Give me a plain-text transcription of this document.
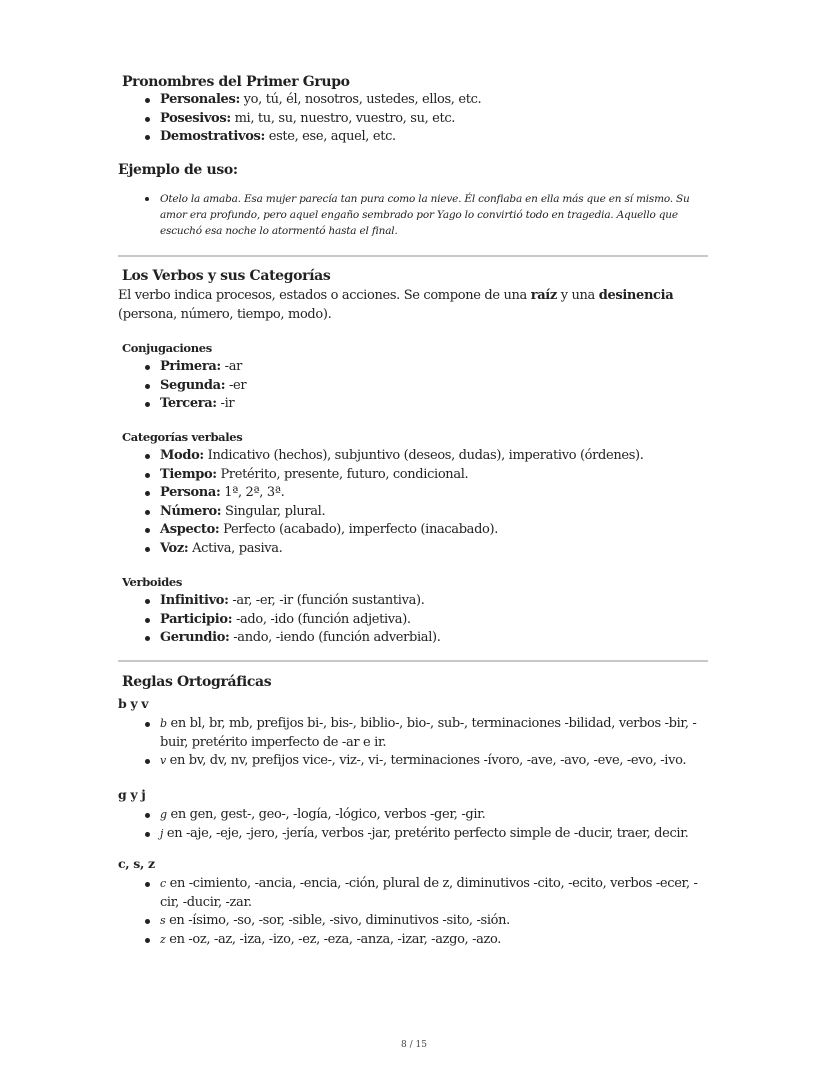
Pronombres del Primer Grupo
Personales: yo, tú, él, nosotros, ustedes, ellos, etc.
Posesivos: mi, tu, su, nuestro, vuestro, su, etc.
Demostrativos: este, ese, aquel, etc.
Ejemplo de uso:
Otelo la amaba. Esa mujer parecía tan pura como la nieve. Él confiaba en ella más que en sí mismo. Su amor era profundo, pero aquel engaño sembrado por Yago lo convirtió todo en tragedia. Aquello que escuchó esa noche lo atormentó hasta el final.
Los Verbos y sus Categorías

El verbo indica procesos, estados o acciones. Se compone de una raíz y una desinencia (persona, número, tiempo, modo).

Conjugaciones
Primera: -ar
Segunda: -er
Tercera: -ir
Categorías verbales
Modo: Indicativo (hechos), subjuntivo (deseos, dudas), imperativo (órdenes).
Tiempo: Pretérito, presente, futuro, condicional.
Persona: 1ª, 2ª, 3ª.
Número: Singular, plural.
Aspecto: Perfecto (acabado), imperfecto (inacabado).
Voz: Activa, pasiva.
Verboides
Infinitivo: -ar, -er, -ir (función sustantiva).
Participio: -ado, -ido (función adjetiva).
Gerundio: -ando, -iendo (función adverbial).
Reglas Ortográficas
b y v
b en bl, br, mb, prefijos bi-, bis-, biblio-, bio-, sub-, terminaciones -bilidad, verbos -bir, -buir, pretérito imperfecto de -ar e ir.
v en bv, dv, nv, prefijos vice-, viz-, vi-, terminaciones -ívoro, -ave, -avo, -eve, -evo, -ivo.
g y j
g en gen, gest-, geo-, -logía, -lógico, verbos -ger, -gir.
j en -aje, -eje, -jero, -jería, verbos -jar, pretérito perfecto simple de -ducir, traer, decir.
c, s, z
c en -cimiento, -ancia, -encia, -ción, plural de z, diminutivos -cito, -ecito, verbos -ecer, -cir, -ducir, -zar.
s en -ísimo, -so, -sor, -sible, -sivo, diminutivos -sito, -sión.
z en -oz, -az, -iza, -izo, -ez, -eza, -anza, -izar, -azgo, -azo.
8 / 15
